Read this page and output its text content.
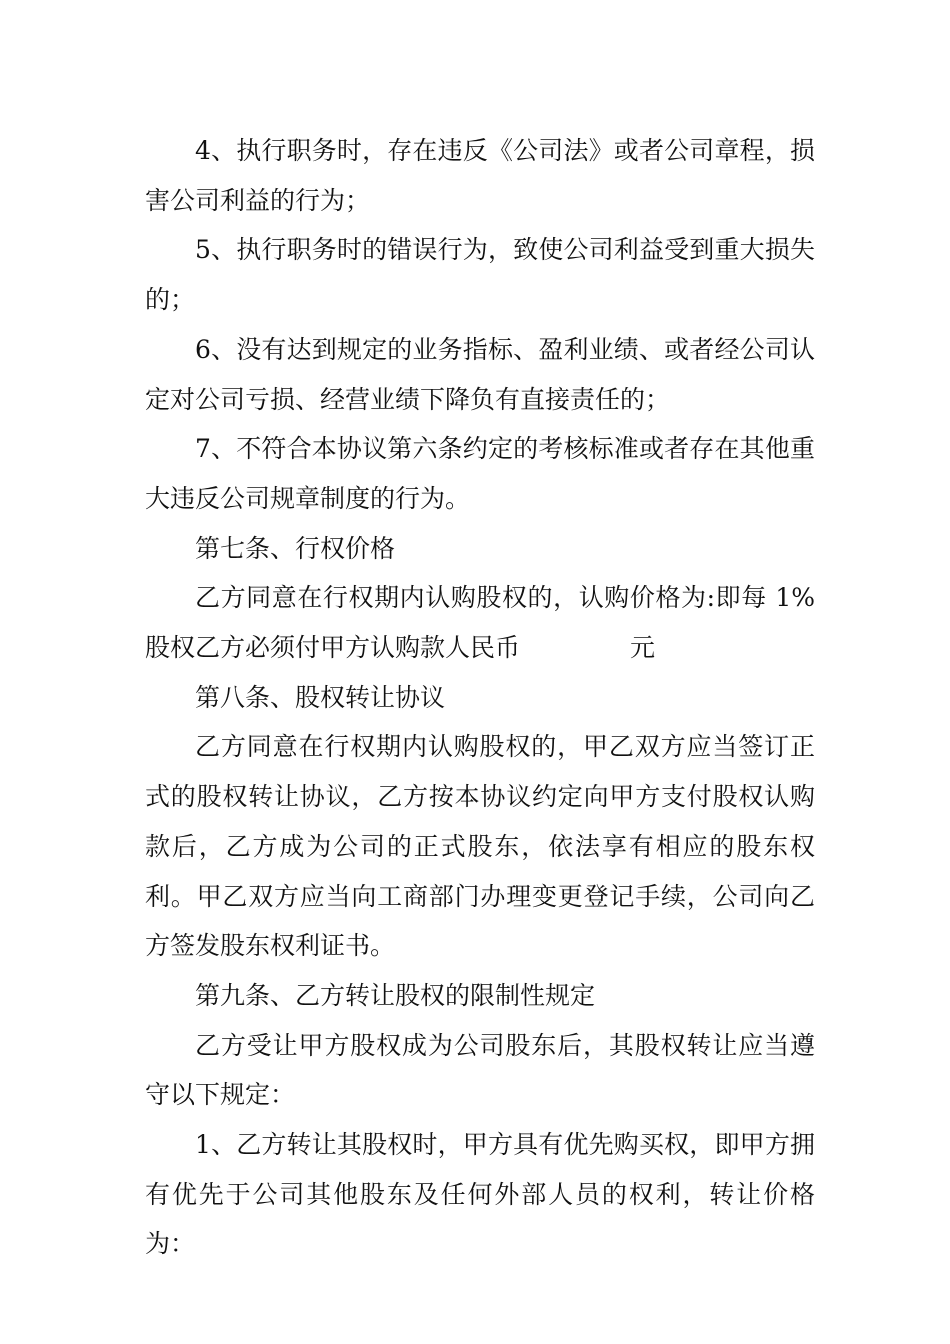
4、执行职务时，存在违反《公司法》或者公司章程，损害公司利益的行为；

5、执行职务时的错误行为，致使公司利益受到重大损失的；

6、没有达到规定的业务指标、盈利业绩、或者经公司认定对公司亏损、经营业绩下降负有直接责任的；

7、不符合本协议第六条约定的考核标准或者存在其他重大违反公司规章制度的行为。

第七条、行权价格

乙方同意在行权期内认购股权的，认购价格为:即每 1%股权乙方必须付甲方认购款人民币	元

第八条、股权转让协议

乙方同意在行权期内认购股权的，甲乙双方应当签订正式的股权转让协议，乙方按本协议约定向甲方支付股权认购款后，乙方成为公司的正式股东，依法享有相应的股东权利。甲乙双方应当向工商部门办理变更登记手续，公司向乙方签发股东权利证书。

第九条、乙方转让股权的限制性规定

乙方受让甲方股权成为公司股东后，其股权转让应当遵守以下规定：

1、乙方转让其股权时，甲方具有优先购买权，即甲方拥有优先于公司其他股东及任何外部人员的权利，转让价格为：
